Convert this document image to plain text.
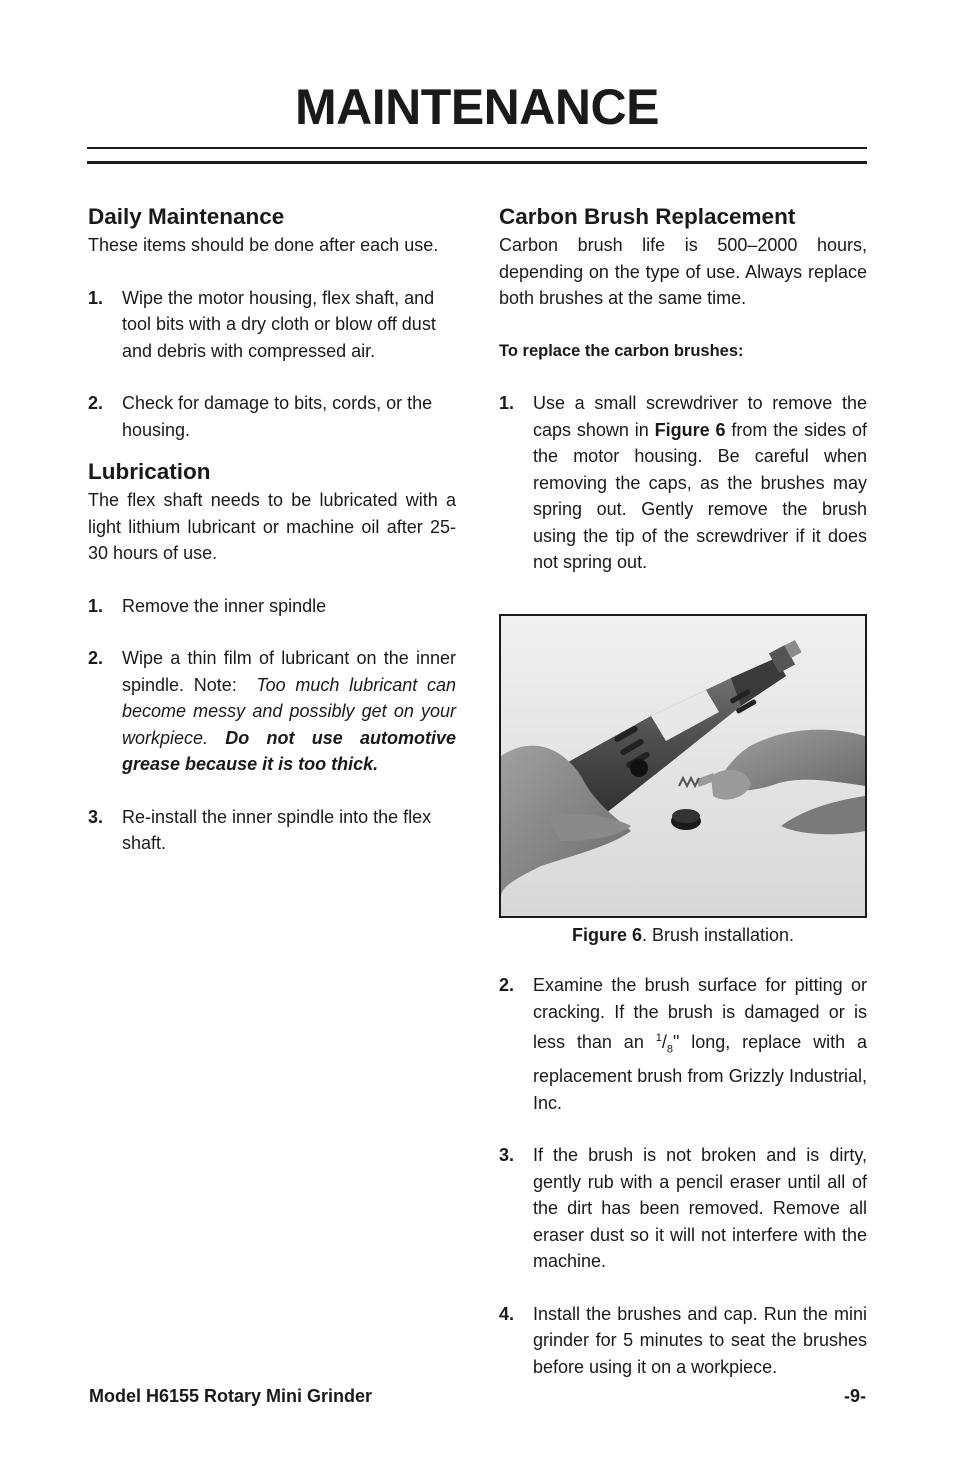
MAINTENANCE
Daily Maintenance

These items should be done after each use.

1.	Wipe the motor housing, flex shaft, and tool bits with a dry cloth or blow off dust and debris with compressed air.
2.	Check for damage to bits, cords, or the housing.
Lubrication

The flex shaft needs to be lubricated with a light lithium lubricant or machine oil after 25-30 hours of use.

1.	Remove the inner spindle
2.	Wipe a thin film of lubricant on the inner spindle. Note: Too much lubricant can become messy and possibly get on your workpiece. Do not use automotive grease because it is too thick.
3.	Re-install the inner spindle into the flex shaft.
Carbon Brush Replacement

Carbon brush life is 500–2000 hours, depending on the type of use. Always replace both brushes at the same time.

To replace the carbon brushes:

1.	Use a small screwdriver to remove the caps shown in Figure 6 from the sides of the motor housing. Be careful when removing the caps, as the brushes may spring out. Gently remove the brush using the tip of the screwdriver if it does not spring out.

Figure 6. Brush installation.

2.	Examine the brush surface for pitting or cracking. If the brush is damaged or is less than an $^1/_8$" long, replace with a replacement brush from Grizzly Industrial, Inc.
3.	If the brush is not broken and is dirty, gently rub with a pencil eraser until all of the dirt has been removed. Remove all eraser dust so it will not interfere with the machine.
4.	Install the brushes and cap. Run the mini grinder for 5 minutes to seat the brushes before using it on a workpiece.
Model H6155 Rotary Mini Grinder	-9-
